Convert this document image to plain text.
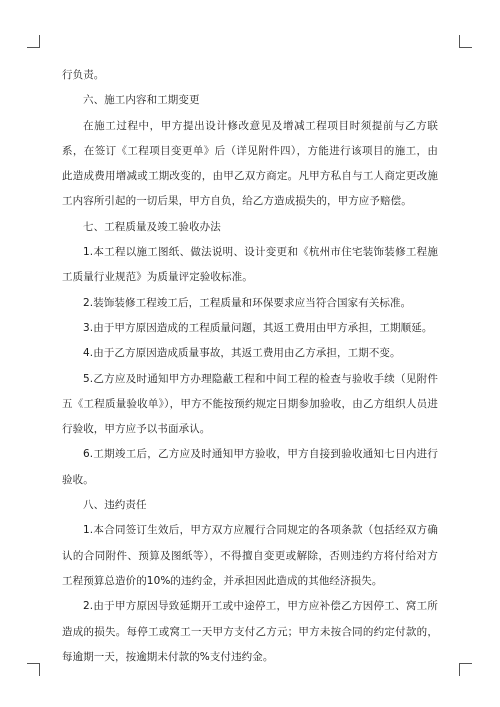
行负责。

六、施工内容和工期变更

在施工过程中，甲方提出设计修改意见及增减工程项目时须提前与乙方联系，在签订《工程项目变更单》后（详见附件四），方能进行该项目的施工，由此造成费用增减或工期改变的，由甲乙双方商定。凡甲方私自与工人商定更改施工内容所引起的一切后果，甲方自负，给乙方造成损失的，甲方应予赔偿。

七、工程质量及竣工验收办法

1.本工程以施工图纸、做法说明、设计变更和《杭州市住宅装饰装修工程施工质量行业规范》为质量评定验收标准。

2.装饰装修工程竣工后，工程质量和环保要求应当符合国家有关标准。

3.由于甲方原因造成的工程质量问题，其返工费用由甲方承担，工期顺延。

4.由于乙方原因造成质量事故，其返工费用由乙方承担，工期不变。

5.乙方应及时通知甲方办理隐蔽工程和中间工程的检查与验收手续（见附件五《工程质量验收单》），甲方不能按预约规定日期参加验收，由乙方组织人员进行验收，甲方应予以书面承认。

6.工期竣工后，乙方应及时通知甲方验收，甲方自接到验收通知七日内进行验收。

八、违约责任

1.本合同签订生效后，甲方双方应履行合同规定的各项条款（包括经双方确认的合同附件、预算及图纸等），不得擅自变更或解除，否则违约方将付给对方工程预算总造价的10%的违约金，并承担因此造成的其他经济损失。

2.由于甲方原因导致延期开工或中途停工，甲方应补偿乙方因停工、窝工所造成的损失。每停工或窝工一天甲方支付乙方元；甲方未按合同的约定付款的，每逾期一天，按逾期未付款的%支付违约金。
